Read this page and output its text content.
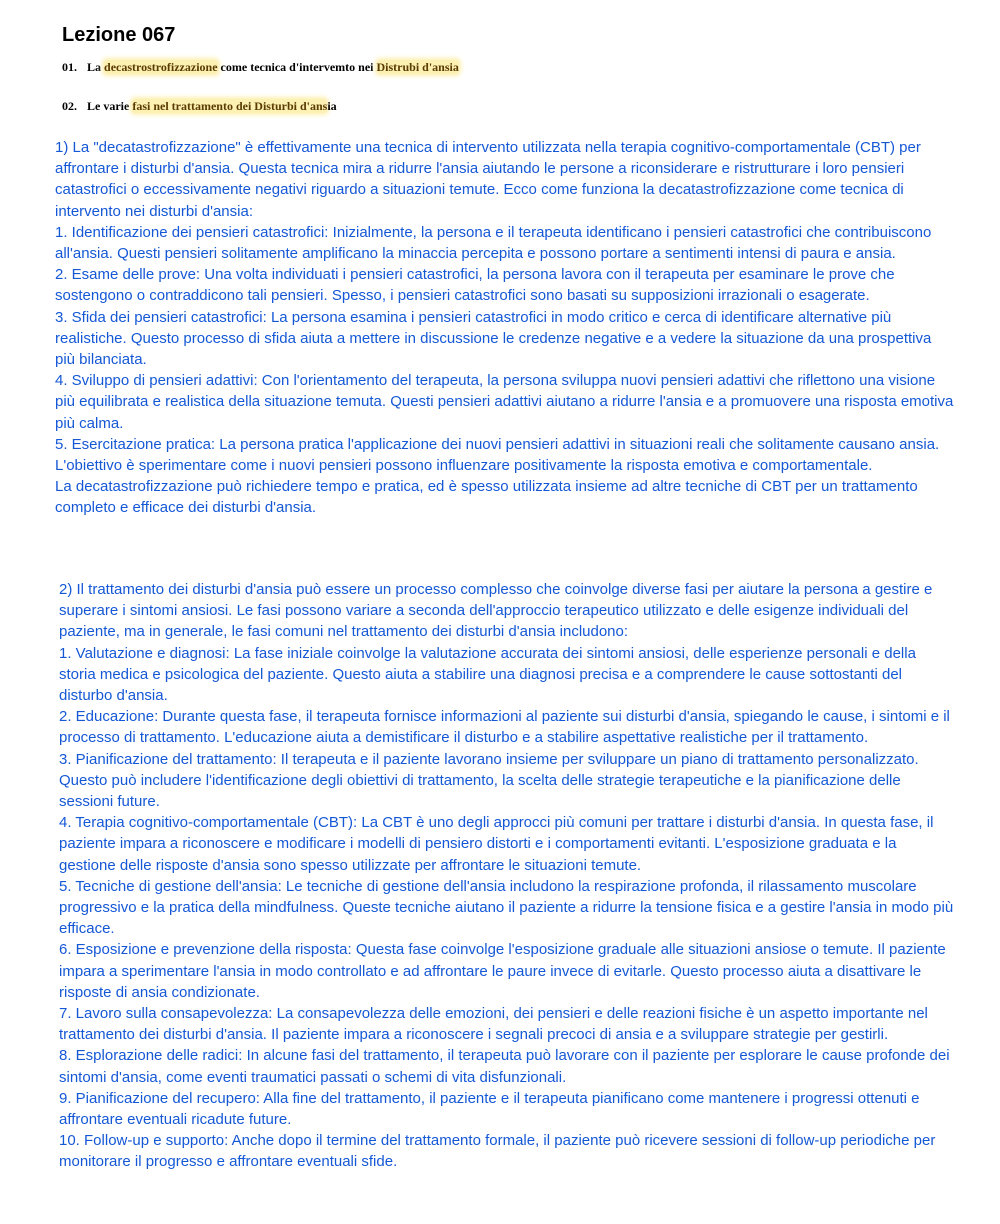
Lezione 067
01. La decastrostrofizzazione come tecnica d'intervemto nei Distrubi d'ansia
02. Le varie fasi nel trattamento dei Disturbi d'ansia

1) La "decatastrofizzazione" è effettivamente una tecnica di intervento utilizzata nella terapia cognitivo-comportamentale (CBT) per affrontare i disturbi d'ansia. Questa tecnica mira a ridurre l'ansia aiutando le persone a riconsiderare e ristrutturare i loro pensieri catastrofici o eccessivamente negativi riguardo a situazioni temute. Ecco come funziona la decatastrofizzazione come tecnica di intervento nei disturbi d'ansia:

1. Identificazione dei pensieri catastrofici: Inizialmente, la persona e il terapeuta identificano i pensieri catastrofici che contribuiscono all'ansia. Questi pensieri solitamente amplificano la minaccia percepita e possono portare a sentimenti intensi di paura e ansia.

2. Esame delle prove: Una volta individuati i pensieri catastrofici, la persona lavora con il terapeuta per esaminare le prove che sostengono o contraddicono tali pensieri. Spesso, i pensieri catastrofici sono basati su supposizioni irrazionali o esagerate.

3. Sfida dei pensieri catastrofici: La persona esamina i pensieri catastrofici in modo critico e cerca di identificare alternative più realistiche. Questo processo di sfida aiuta a mettere in discussione le credenze negative e a vedere la situazione da una prospettiva più bilanciata.

4. Sviluppo di pensieri adattivi: Con l'orientamento del terapeuta, la persona sviluppa nuovi pensieri adattivi che riflettono una visione più equilibrata e realistica della situazione temuta. Questi pensieri adattivi aiutano a ridurre l'ansia e a promuovere una risposta emotiva più calma.

5. Esercitazione pratica: La persona pratica l'applicazione dei nuovi pensieri adattivi in situazioni reali che solitamente causano ansia. L'obiettivo è sperimentare come i nuovi pensieri possono influenzare positivamente la risposta emotiva e comportamentale.

La decatastrofizzazione può richiedere tempo e pratica, ed è spesso utilizzata insieme ad altre tecniche di CBT per un trattamento completo e efficace dei disturbi d'ansia.

2) Il trattamento dei disturbi d'ansia può essere un processo complesso che coinvolge diverse fasi per aiutare la persona a gestire e superare i sintomi ansiosi. Le fasi possono variare a seconda dell'approccio terapeutico utilizzato e delle esigenze individuali del paziente, ma in generale, le fasi comuni nel trattamento dei disturbi d'ansia includono:

1. Valutazione e diagnosi: La fase iniziale coinvolge la valutazione accurata dei sintomi ansiosi, delle esperienze personali e della storia medica e psicologica del paziente. Questo aiuta a stabilire una diagnosi precisa e a comprendere le cause sottostanti del disturbo d'ansia.

2. Educazione: Durante questa fase, il terapeuta fornisce informazioni al paziente sui disturbi d'ansia, spiegando le cause, i sintomi e il processo di trattamento. L'educazione aiuta a demistificare il disturbo e a stabilire aspettative realistiche per il trattamento.

3. Pianificazione del trattamento: Il terapeuta e il paziente lavorano insieme per sviluppare un piano di trattamento personalizzato. Questo può includere l'identificazione degli obiettivi di trattamento, la scelta delle strategie terapeutiche e la pianificazione delle sessioni future.

4. Terapia cognitivo-comportamentale (CBT): La CBT è uno degli approcci più comuni per trattare i disturbi d'ansia. In questa fase, il paziente impara a riconoscere e modificare i modelli di pensiero distorti e i comportamenti evitanti. L'esposizione graduata e la gestione delle risposte d'ansia sono spesso utilizzate per affrontare le situazioni temute.

5. Tecniche di gestione dell'ansia: Le tecniche di gestione dell'ansia includono la respirazione profonda, il rilassamento muscolare progressivo e la pratica della mindfulness. Queste tecniche aiutano il paziente a ridurre la tensione fisica e a gestire l'ansia in modo più efficace.

6. Esposizione e prevenzione della risposta: Questa fase coinvolge l'esposizione graduale alle situazioni ansiose o temute. Il paziente impara a sperimentare l'ansia in modo controllato e ad affrontare le paure invece di evitarle. Questo processo aiuta a disattivare le risposte di ansia condizionate.

7. Lavoro sulla consapevolezza: La consapevolezza delle emozioni, dei pensieri e delle reazioni fisiche è un aspetto importante nel trattamento dei disturbi d'ansia. Il paziente impara a riconoscere i segnali precoci di ansia e a sviluppare strategie per gestirli.

8. Esplorazione delle radici: In alcune fasi del trattamento, il terapeuta può lavorare con il paziente per esplorare le cause profonde dei sintomi d'ansia, come eventi traumatici passati o schemi di vita disfunzionali.

9. Pianificazione del recupero: Alla fine del trattamento, il paziente e il terapeuta pianificano come mantenere i progressi ottenuti e affrontare eventuali ricadute future.

10. Follow-up e supporto: Anche dopo il termine del trattamento formale, il paziente può ricevere sessioni di follow-up periodiche per monitorare il progresso e affrontare eventuali sfide.
